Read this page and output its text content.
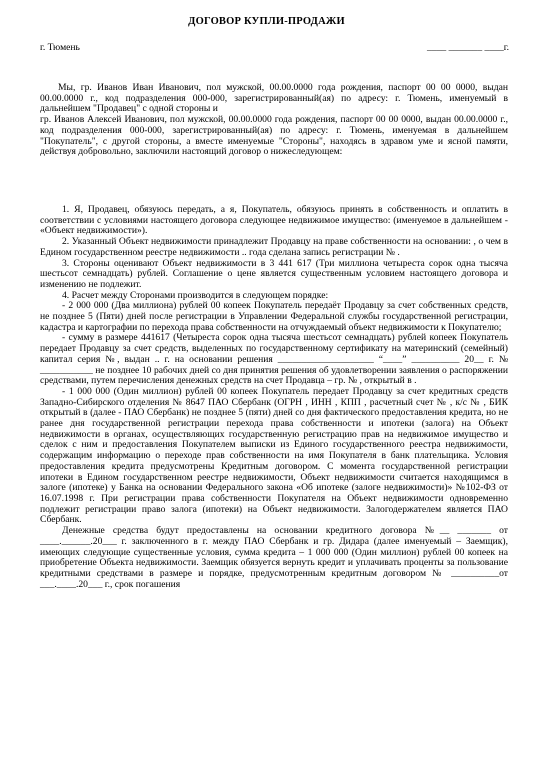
ДОГОВОР КУПЛИ-ПРОДАЖИ
г. Тюмень	____ _______ ____г.

Мы, гр. Иванов Иван Иванович, пол мужской, 00.00.0000 года рождения, паспорт 00 00 0000, выдан 00.00.0000 г., код подразделения 000-000, зарегистрированный(ая) по адресу: г. Тюмень, именуемый в дальнейшем "Продавец" с одной стороны и

гр. Иванов Алексей Иванович, пол мужской, 00.00.0000 года рождения, паспорт 00 00 0000, выдан 00.00.0000 г., код подразделения 000-000, зарегистрированный(ая) по адресу: г. Тюмень, именуемая в дальнейшем "Покупатель", с другой стороны, а вместе именуемые "Стороны", находясь в здравом уме и ясной памяти, действуя добровольно, заключили настоящий договор о нижеследующем:

1. Я, Продавец, обязуюсь передать, а я, Покупатель, обязуюсь принять в собственность и оплатить в соответствии с условиями настоящего договора следующее недвижимое имущество: (именуемое в дальнейшем - «Объект недвижимости»).

2. Указанный Объект недвижимости принадлежит Продавцу на праве собственности на основании: , о чем в Едином государственном реестре недвижимости .. года сделана запись регистрации № .

3. Стороны оценивают Объект недвижимости в 3 441 617 (Три миллиона четыреста сорок одна тысяча шестьсот семнадцать) рублей. Соглашение о цене является существенным условием настоящего договора и изменению не подлежит.

4. Расчет между Сторонами производится в следующем порядке:

- 2 000 000 (Два миллиона) рублей 00 копеек Покупатель передаёт Продавцу за счет собственных средств, не позднее 5 (Пяти) дней после регистрации в Управлении Федеральной службы государственной регистрации, кадастра и картографии по перехода права собственности на отчуждаемый объект недвижимости к Покупателю;

- сумму в размере 441617 (Четыреста сорок одна тысяча шестьсот семнадцать) рублей копеек Покупатель передает Продавцу за счет средств, выделенных по государственному сертификату на материнский (семейный) капитал серия №, выдан .. г. на основании решения ____________________ “____” __________ 20__ г. № ___________ не позднее 10 рабочих дней со дня принятия решения об удовлетворении заявления о распоряжении средствами, путем перечисления денежных средств на счет Продавца – гр. № , открытый в .

- 1 000 000 (Один миллион) рублей 00 копеек Покупатель передает Продавцу за счет кредитных средств Западно-Сибирского отделения № 8647 ПАО Сбербанк (ОГРН , ИНН , КПП , расчетный счет № , к/с № , БИК открытый в (далее - ПАО Сбербанк) не позднее 5 (пяти) дней со дня фактического предоставления кредита, но не ранее дня государственной регистрации перехода права собственности и ипотеки (залога) на Объект недвижимости в органах, осуществляющих государственную регистрацию прав на недвижимое имущество и сделок с ним и предоставления Покупателем выписки из Единого государственного реестра недвижимости, содержащим информацию о переходе прав собственности на имя Покупателя в банк плательщика. Условия предоставления кредита предусмотрены Кредитным договором. С момента государственной регистрации ипотеки в Едином государственном реестре недвижимости, Объект недвижимости считается находящимся в залоге (ипотеке) у Банка на основании Федерального закона «Об ипотеке (залоге недвижимости)» №102-ФЗ от 16.07.1998 г. При регистрации права собственности Покупателя на Объект недвижимости одновременно подлежит регистрации право залога (ипотеки) на Объект недвижимости. Залогодержателем является ПАО Сбербанк.

Денежные средства будут предоставлены на основании кредитного договора №__ _______ от ____.______.20___ г. заключенного в г. между ПАО Сбербанк и гр. Дидара (далее именуемый – Заемщик), имеющих следующие существенные условия, сумма кредита – 1 000 000 (Один миллион) рублей 00 копеек на приобретение Объекта недвижимости. Заемщик обязуется вернуть кредит и уплачивать проценты за пользование кредитными средствами в размере и порядке, предусмотренным кредитным договором № __________от ___.____.20___ г., срок погашения
